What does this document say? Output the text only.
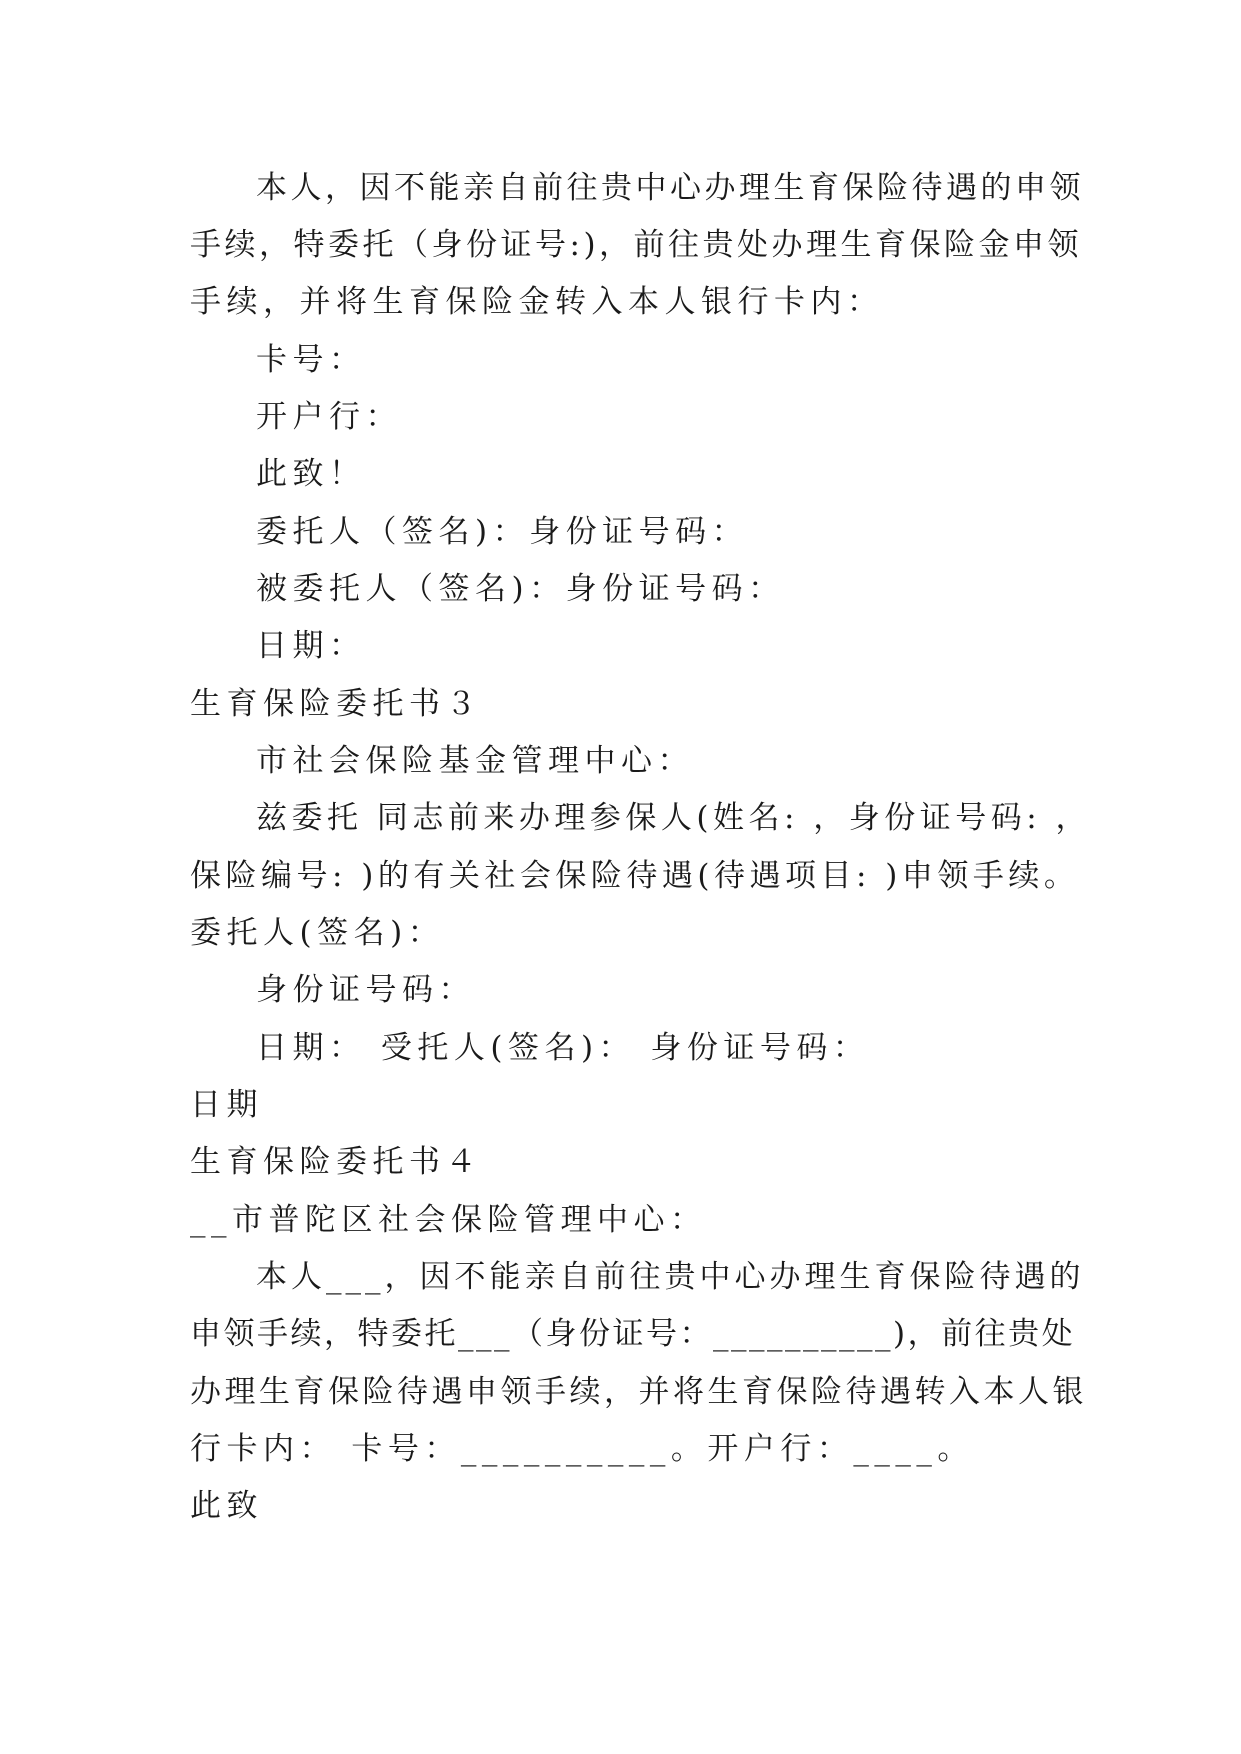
本人，因不能亲自前往贵中心办理生育保险待遇的申领
手续，特委托（身份证号:)，前往贵处办理生育保险金申领
手续，并将生育保险金转入本人银行卡内：
卡号：
开户行：
此致！
委托人（签名)：身份证号码：
被委托人（签名)：身份证号码：
日期：
生育保险委托书３
市社会保险基金管理中心：
兹委托 同志前来办理参保人(姓名: ，身份证号码: ，
保险编号: )的有关社会保险待遇(待遇项目: )申领手续。
委托人(签名)：
身份证号码：
日期： 受托人(签名)： 身份证号码：
日期
生育保险委托书４
__市普陀区社会保险管理中心：
本人___，因不能亲自前往贵中心办理生育保险待遇的
申领手续，特委托___（身份证号：__________)，前往贵处
办理生育保险待遇申领手续，并将生育保险待遇转入本人银
行卡内： 卡号：__________。开户行：____。
此致
